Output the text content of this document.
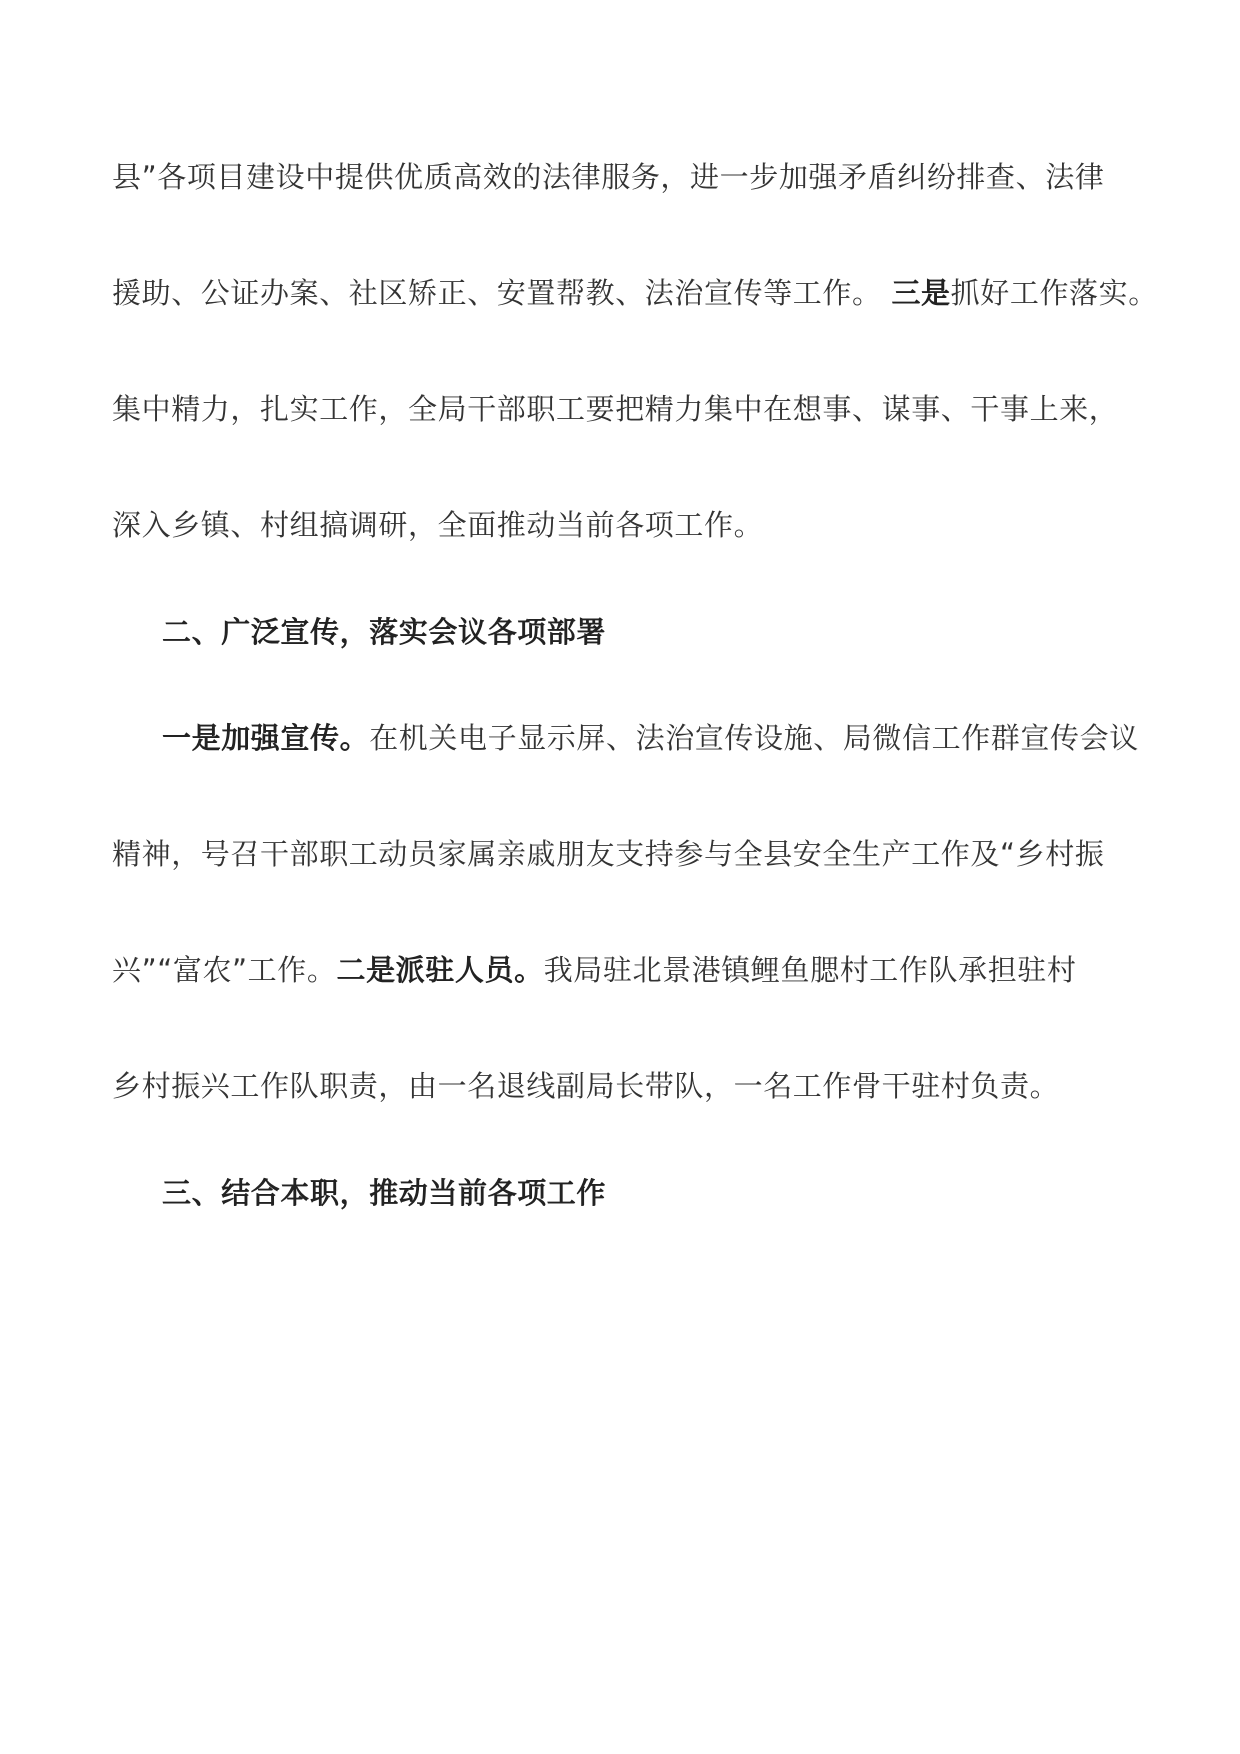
县”各项目建设中提供优质高效的法律服务，进一步加强矛盾纠纷排查、法律
援助、公证办案、社区矫正、安置帮教、法治宣传等工作。 三是抓好工作落实。
集中精力，扎实工作，全局干部职工要把精力集中在想事、谋事、干事上来，
深入乡镇、村组搞调研，全面推动当前各项工作。
二、广泛宣传，落实会议各项部署
一是加强宣传。在机关电子显示屏、法治宣传设施、局微信工作群宣传会议
精神，号召干部职工动员家属亲戚朋友支持参与全县安全生产工作及“乡村振
兴”“富农”工作。二是派驻人员。我局驻北景港镇鲤鱼腮村工作队承担驻村
乡村振兴工作队职责，由一名退线副局长带队，一名工作骨干驻村负责。
三、结合本职，推动当前各项工作
